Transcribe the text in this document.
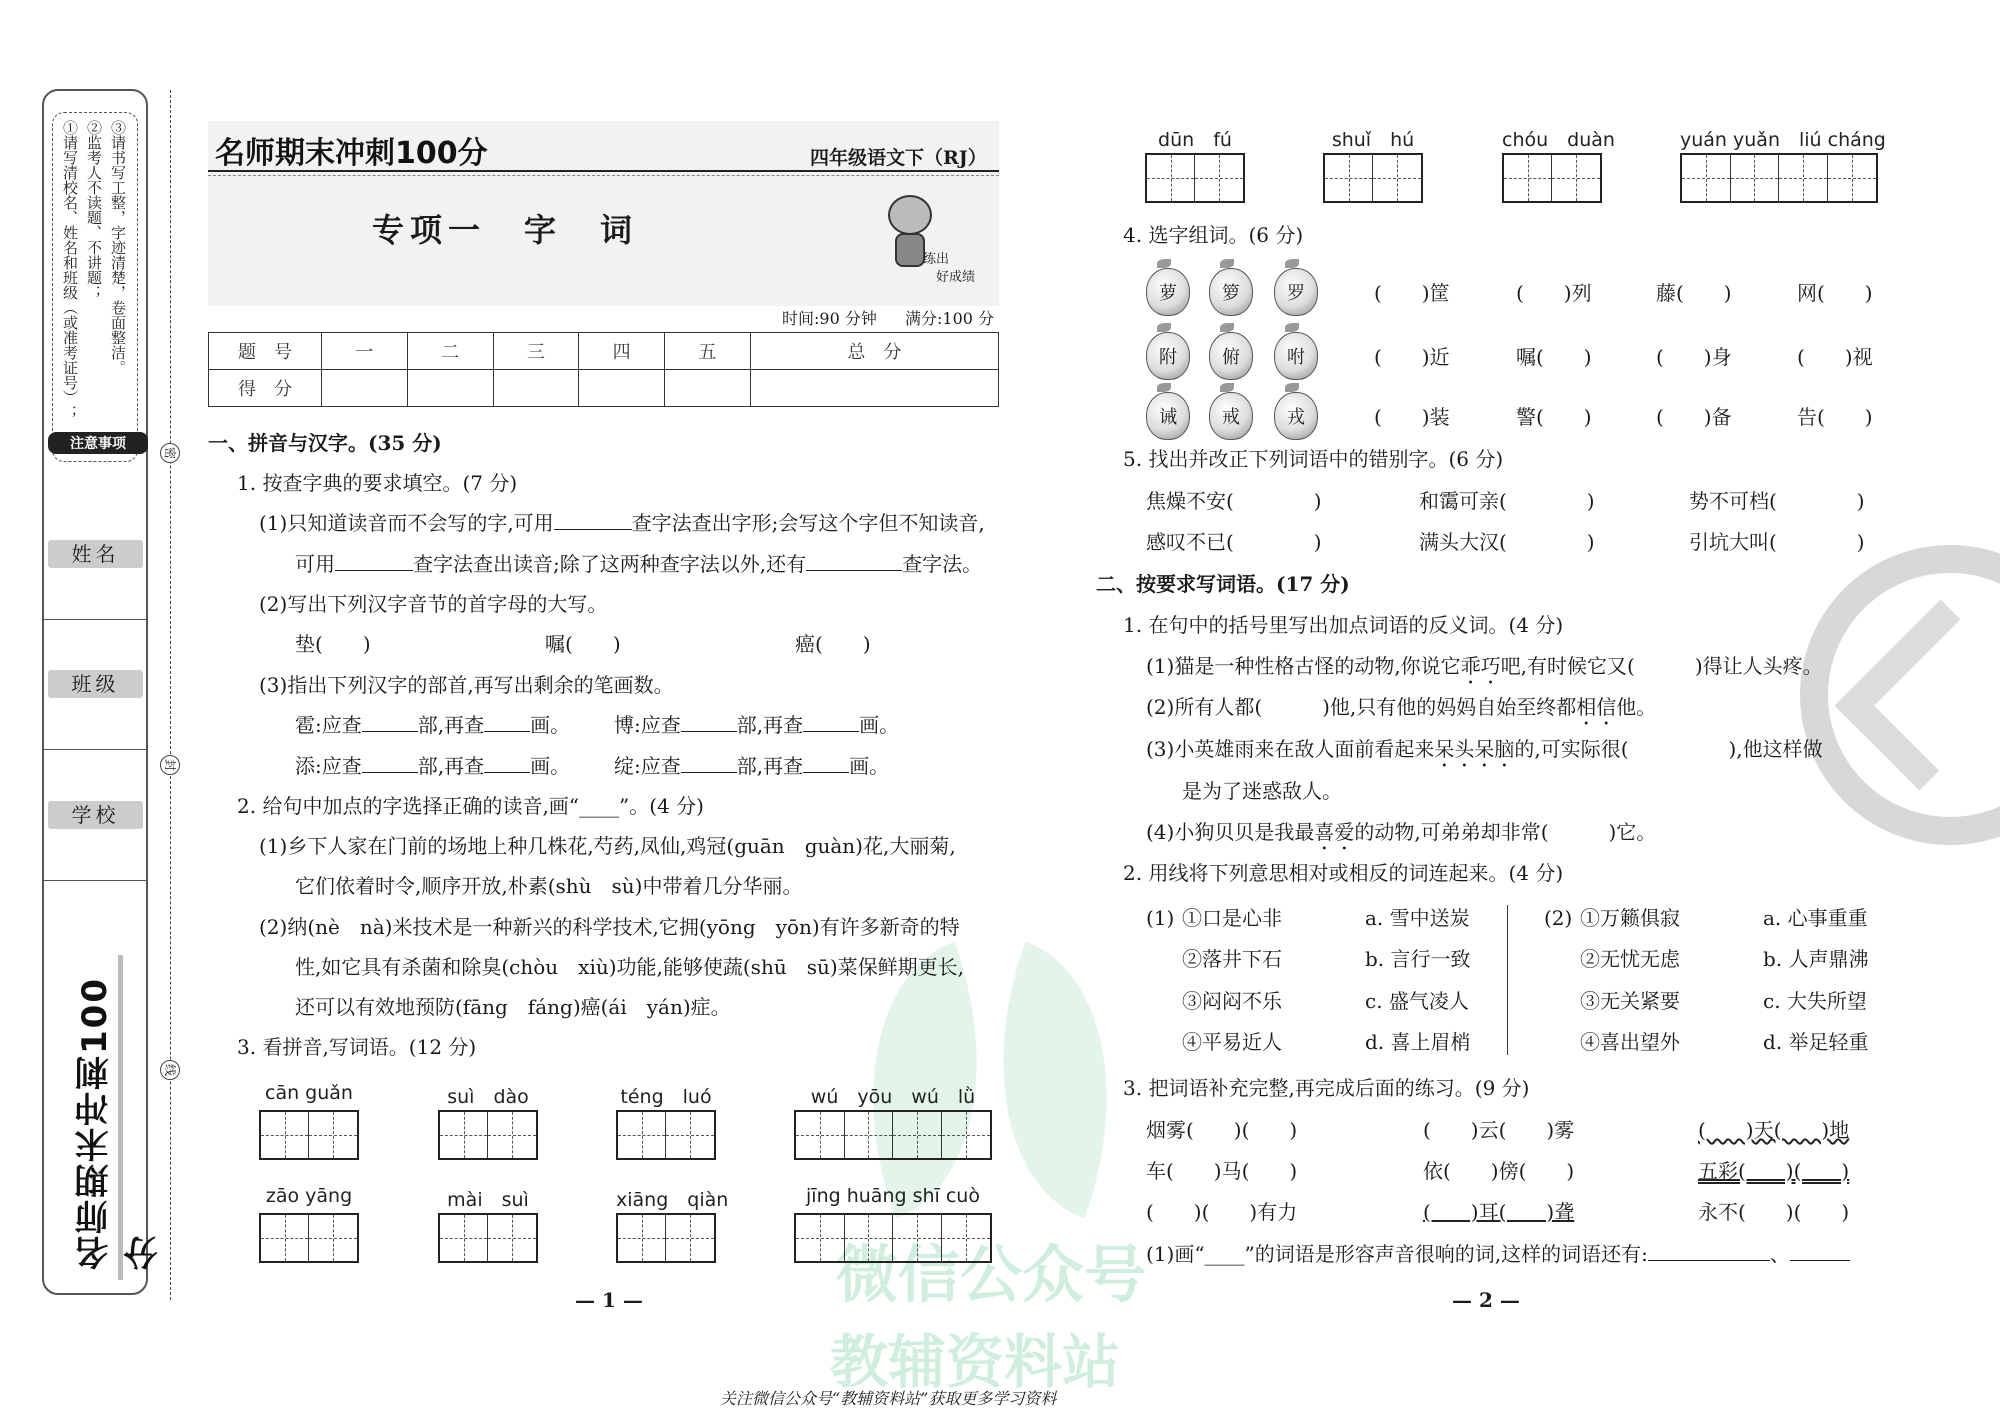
微信公众号
教辅资料站
①请写清校名、姓名和班级（或准考证号）； ②监考人不读题、不讲题； ③请书写工整，字迹清楚，卷面整洁。
注意事项
姓名
班级
学校
名师期末冲刺100分
密
封
线
名师期末冲刺100分	四年级语文下（RJ）
专项一　字　词
练出
好成绩
时间:90 分钟 满分:100 分
题　号	一	二	三	四	五	总　分
得　分						
一、拼音与汉字。(35 分)
1. 按查字典的要求填空。(7 分)
(1)只知道读音而不会写的字,可用	查字法查出字形;会写这个字但不知读音,
可用	查字法查出读音;除了这两种查字法以外,还有	查字法。
(2)写出下列汉字音节的首字母的大写。
垫( )	嘱( )	癌( )
(3)指出下列汉字的部首,再写出剩余的笔画数。
雹:应查	部,再查 画。 博:应查	部,再查	画。
添:应查	部,再查 画。 绽:应查	部,再查 画。
2. 给句中加点的字选择正确的读音,画“____”。(4 分)
(1)乡下人家在门前的场地上种几株花,芍药,凤仙,鸡冠(guān　guàn)花,大丽菊,
它们依着时令,顺序开放,朴素(shù　sù)中带着几分华丽。
(2)纳(nè　nà)米技术是一种新兴的科学技术,它拥(yōng　yōn)有许多新奇的特
性,如它具有杀菌和除臭(chòu　xiù)功能,能够使蔬(shū　sū)菜保鲜期更长,
还可以有效地预防(fāng　fáng)癌(ái　yán)症。
3. 看拼音,写词语。(12 分)
cān guǎn	suì　dào	téng　luó	wú　yōu　wú　lǜ
zāo yāng	mài　suì	xiāng　qiàn	jīng huāng shī cuò
— 1 —
dūn　fú	shuǐ　hú	chóu　duàn	yuán yuǎn　liú cháng
4. 选字组词。(6 分)
萝	箩	罗	(　　)筐	(　　)列	藤(　　)	网(　　)
附	俯	咐	(　　)近	嘱(　　)	(　　)身	(　　)视
诫	戒	戎	(　　)装	警(　　)	(　　)备	告(　　)
5. 找出并改正下列词语中的错别字。(6 分)
焦燥不安(　　　　)	和霭可亲(　　　　)	势不可档(　　　　)
感叹不已(　　　　)	满头大汉(　　　　)	引坑大叫(　　　　)
二、按要求写词语。(17 分)
1. 在句中的括号里写出加点词语的反义词。(4 分)
(1)猫是一种性格古怪的动物,你说它乖巧吧,有时候它又(　　　)得让人头疼。
(2)所有人都(　　　)他,只有他的妈妈自始至终都相信他。
(3)小英雄雨来在敌人面前看起来呆头呆脑的,可实际很(　　　　　),他这样做
是为了迷惑敌人。
(4)小狗贝贝是我最喜爱的动物,可弟弟却非常(　　　)它。
2. 用线将下列意思相对或相反的词连起来。(4 分)
(1) ①口是心非	a. 雪中送炭
②落井下石	b. 言行一致
③闷闷不乐	c. 盛气凌人
④平易近人	d. 喜上眉梢
(2) ①万籁俱寂	a. 心事重重
②无忧无虑	b. 人声鼎沸
③无关紧要	c. 大失所望
④喜出望外	d. 举足轻重
3. 把词语补充完整,再完成后面的练习。(9 分)
烟雾(　　)(　　)	(　　)云(　　)雾	(　　)天(　　)地
车(　　)马(　　)	依(　　)傍(　　)	五彩(　　)(　　)
(　　)(　　)有力	(　　)耳(　　)聋	永不(　　)(　　)
(1)画“____”的词语是形容声音很响的词,这样的词语还有:	、
— 2 —
关注微信公众号“教辅资料站”获取更多学习资料
